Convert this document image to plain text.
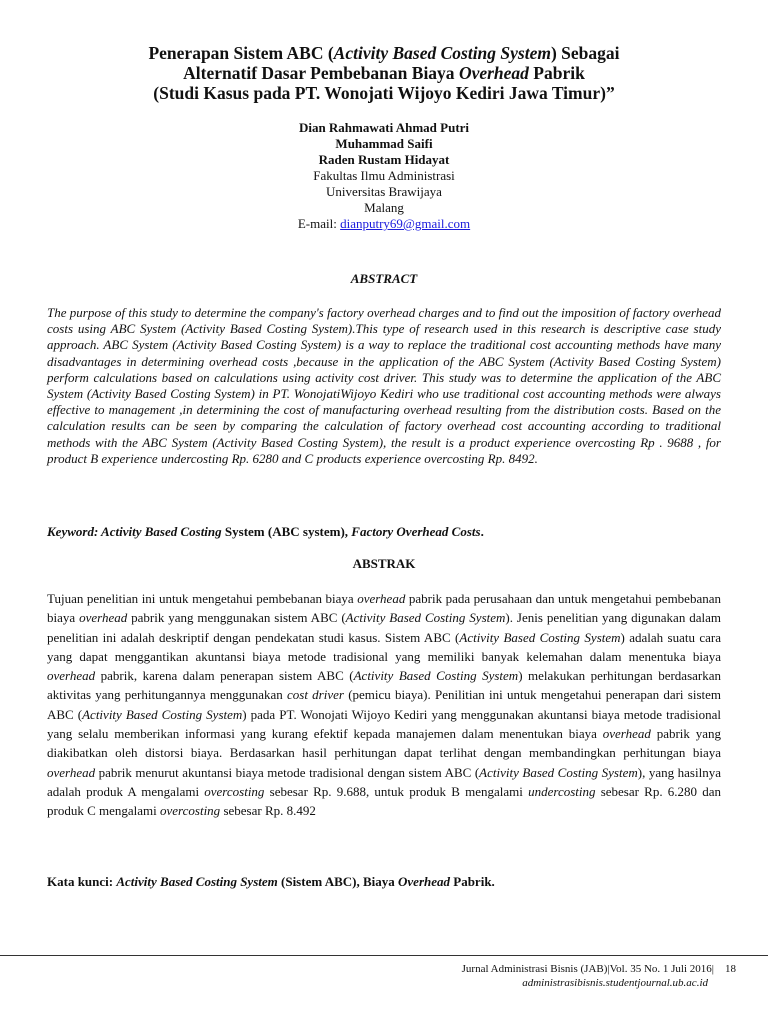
Penerapan Sistem ABC (Activity Based Costing System) Sebagai
Alternatif Dasar Pembebanan Biaya Overhead Pabrik
(Studi Kasus pada PT. Wonojati Wijoyo Kediri Jawa Timur)”
Dian Rahmawati Ahmad Putri
Muhammad Saifi
Raden Rustam Hidayat
Fakultas Ilmu Administrasi
Universitas Brawijaya
Malang
E-mail: dianputry69@gmail.com
ABSTRACT
The purpose of this study to determine the company's factory overhead charges and to find out the imposition of factory overhead costs using ABC System (Activity Based Costing System).This type of research used in this research is descriptive case study approach. ABC System (Activity Based Costing System) is a way to replace the traditional cost accounting methods have many disadvantages in determining overhead costs ,because in the application of the ABC System (Activity Based Costing System) perform calculations based on calculations using activity cost driver. This study was to determine the application of the ABC System (Activity Based Costing System) in PT. WonojatiWijoyo Kediri who use traditional cost accounting methods were always effective to management ,in determining the cost of manufacturing overhead resulting from the distribution costs. Based on the calculation results can be seen by comparing the calculation of factory overhead cost accounting according to traditional methods with the ABC System (Activity Based Costing System), the result is a product experience overcosting Rp . 9688 , for product B experience undercosting Rp. 6280 and C products experience overcosting Rp. 8492.
Keyword: Activity Based Costing System (ABC system), Factory Overhead Costs.
ABSTRAK
Tujuan penelitian ini untuk mengetahui pembebanan biaya overhead pabrik pada perusahaan dan untuk mengetahui pembebanan biaya overhead pabrik yang menggunakan sistem ABC (Activity Based Costing System). Jenis penelitian yang digunakan dalam penelitian ini adalah deskriptif dengan pendekatan studi kasus. Sistem ABC (Activity Based Costing System) adalah suatu cara yang dapat menggantikan akuntansi biaya metode tradisional yang memiliki banyak kelemahan dalam menentuka biaya overhead pabrik, karena dalam penerapan sistem ABC (Activity Based Costing System) melakukan perhitungan berdasarkan aktivitas yang perhitungannya menggunakan cost driver (pemicu biaya). Penilitian ini untuk mengetahui penerapan dari sistem ABC (Activity Based Costing System) pada PT. Wonojati Wijoyo Kediri yang menggunakan akuntansi biaya metode tradisional yang selalu memberikan informasi yang kurang efektif kepada manajemen dalam menentukan biaya overhead pabrik yang diakibatkan oleh distorsi biaya. Berdasarkan hasil perhitungan dapat terlihat dengan membandingkan perhitungan biaya overhead pabrik menurut akuntansi biaya metode tradisional dengan sistem ABC (Activity Based Costing System), yang hasilnya adalah produk A mengalami overcosting sebesar Rp. 9.688, untuk produk B mengalami undercosting sebesar Rp. 6.280 dan produk C mengalami overcosting sebesar Rp. 8.492
Kata kunci: Activity Based Costing System (Sistem ABC), Biaya Overhead Pabrik.
Jurnal Administrasi Bisnis (JAB)|Vol. 35 No. 1 Juli 2016| 18
administrasibisnis.studentjournal.ub.ac.id
